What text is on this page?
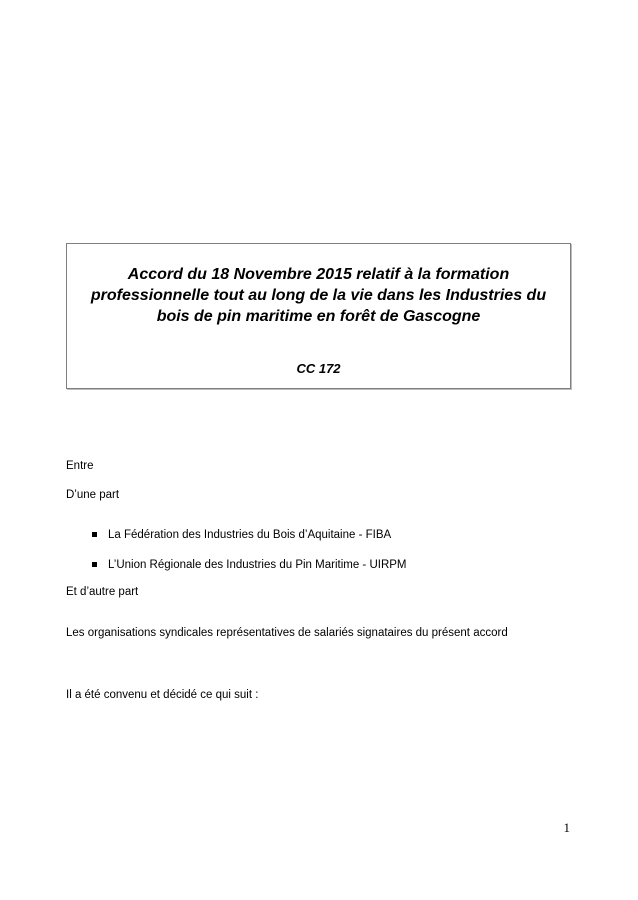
Accord du 18 Novembre 2015 relatif à la formation
professionnelle tout au long de la vie dans les Industries du
bois de pin maritime en forêt de Gascogne
CC 172
Entre
D’une part
La Fédération des Industries du Bois d’Aquitaine - FIBA
L’Union Régionale des Industries du Pin Maritime - UIRPM
Et d’autre part
Les organisations syndicales représentatives de salariés signataires du présent accord
Il a été convenu et décidé ce qui suit :
1
